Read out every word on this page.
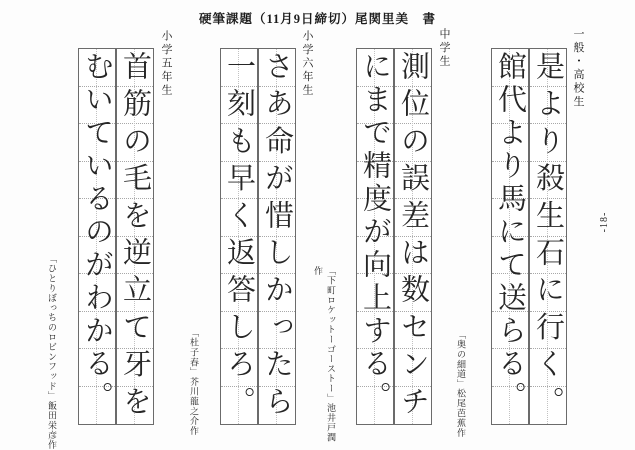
硬筆課題（11月9日締切）尾関里美　書
-18-
一般・高校生
是より殺生石に行く。
館代より馬にて送らる。
「奥の細道」松尾芭蕉作
中学生
測位の誤差は数センチ
にまで精度が向上する。
「下町ロケットーゴーストー」池井戸潤作
小学六年生
さあ命が惜しかったら
一刻も早く返答しろ。
「杜子春」芥川龍之介作
小学五年生
首筋の毛を逆立て牙を
むいているのがわかる。
「ひとりぼっちのロビンフッド」飯田栄彦作
